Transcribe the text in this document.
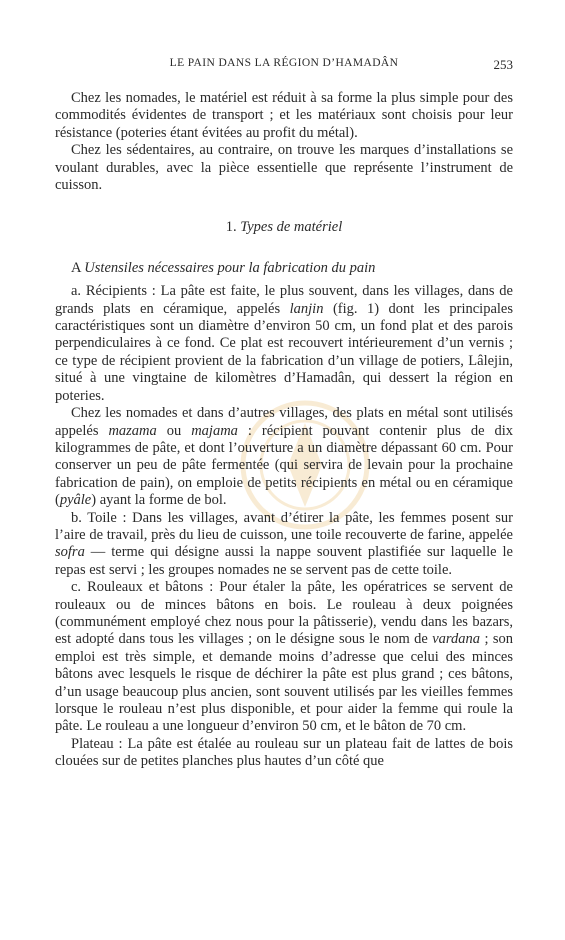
LE PAIN DANS LA RÉGION D’HAMADÂN	253

Chez les nomades, le matériel est réduit à sa forme la plus simple pour des commodités évidentes de transport ; et les matériaux sont choisis pour leur résistance (poteries étant évitées au profit du métal).

Chez les sédentaires, au contraire, on trouve les marques d’installations se voulant durables, avec la pièce essentielle que représente l’instrument de cuisson.

1. Types de matériel

A Ustensiles nécessaires pour la fabrication du pain

a. Récipients : La pâte est faite, le plus souvent, dans les villages, dans de grands plats en céramique, appelés lanjin (fig. 1) dont les principales caractéristiques sont un diamètre d’environ 50 cm, un fond plat et des parois perpendiculaires à ce fond. Ce plat est recouvert intérieurement d’un vernis ; ce type de récipient provient de la fabrication d’un village de potiers, Lâlejin, situé à une vingtaine de kilomètres d’Hamadân, qui dessert la région en poteries.

Chez les nomades et dans d’autres villages, des plats en métal sont utilisés appelés mazama ou majama : récipient pouvant contenir plus de dix kilogrammes de pâte, et dont l’ouverture a un diamètre dépassant 60 cm. Pour conserver un peu de pâte fermentée (qui servira de levain pour la prochaine fabrication de pain), on emploie de petits récipients en métal ou en céramique (pyâle) ayant la forme de bol.

b. Toile : Dans les villages, avant d’étirer la pâte, les femmes posent sur l’aire de travail, près du lieu de cuisson, une toile recouverte de farine, appelée sofra — terme qui désigne aussi la nappe souvent plastifiée sur laquelle le repas est servi ; les groupes nomades ne se servent pas de cette toile.

c. Rouleaux et bâtons : Pour étaler la pâte, les opératrices se servent de rouleaux ou de minces bâtons en bois. Le rouleau à deux poignées (communément employé chez nous pour la pâtisserie), vendu dans les bazars, est adopté dans tous les villages ; on le désigne sous le nom de vardana ; son emploi est très simple, et demande moins d’adresse que celui des minces bâtons avec lesquels le risque de déchirer la pâte est plus grand ; ces bâtons, d’un usage beaucoup plus ancien, sont souvent utilisés par les vieilles femmes lorsque le rouleau n’est plus disponible, et pour aider la femme qui roule la pâte. Le rouleau a une longueur d’environ 50 cm, et le bâton de 70 cm.

Plateau : La pâte est étalée au rouleau sur un plateau fait de lattes de bois clouées sur de petites planches plus hautes d’un côté que
